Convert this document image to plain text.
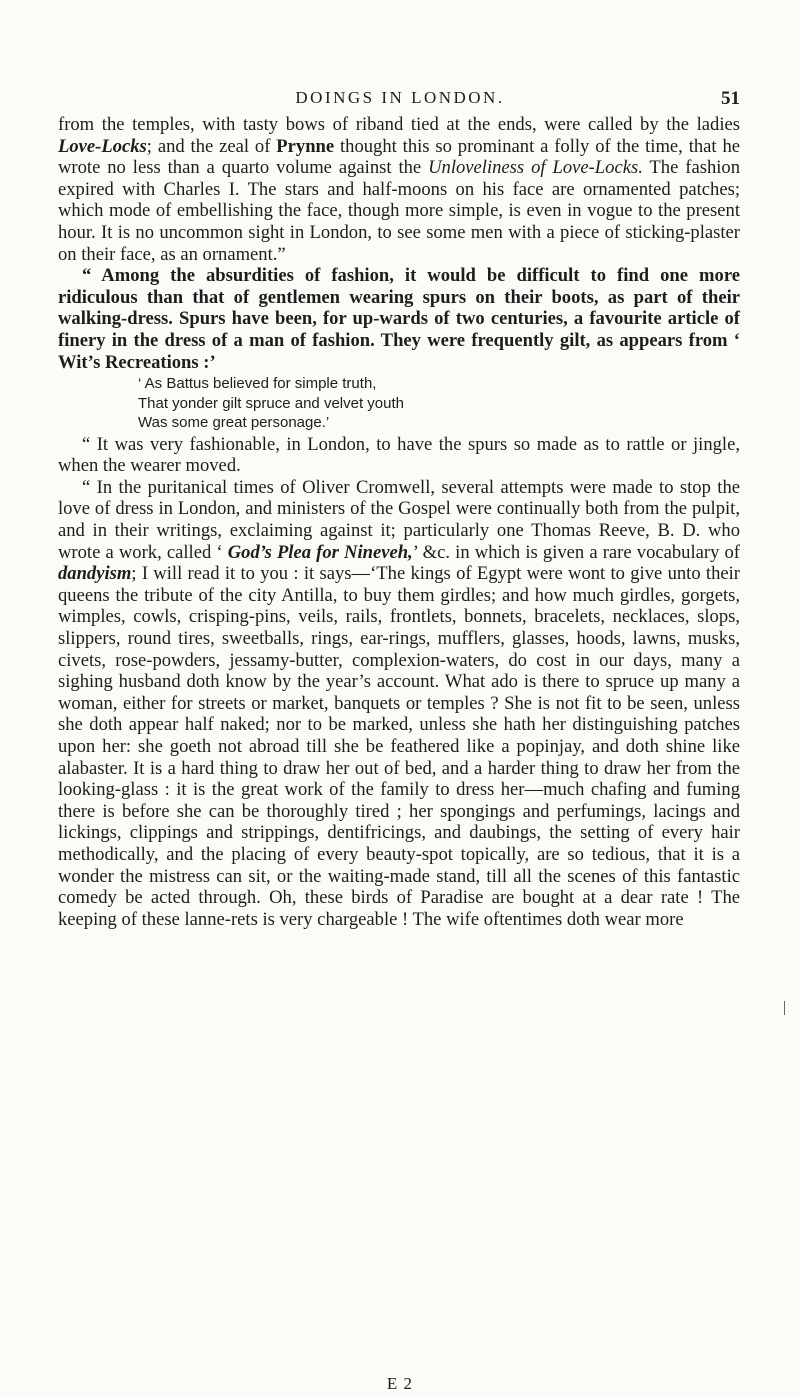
DOINGS IN LONDON.	51

from the temples, with tasty bows of riband tied at the ends, were called by the ladies Love-Locks; and the zeal of Prynne thought this so prominant a folly of the time, that he wrote no less than a quarto volume against the Unloveliness of Love-Locks. The fashion expired with Charles I. The stars and half-moons on his face are ornamented patches; which mode of embellishing the face, though more simple, is even in vogue to the present hour. It is no uncommon sight in London, to see some men with a piece of sticking-plaster on their face, as an ornament.”

“ Among the absurdities of fashion, it would be difficult to find one more ridiculous than that of gentlemen wearing spurs on their boots, as part of their walking-dress. Spurs have been, for up-wards of two centuries, a favourite article of finery in the dress of a man of fashion. They were frequently gilt, as appears from ‘ Wit’s Recreations :’

‘ As Battus believed for simple truth,
That yonder gilt spruce and velvet youth
Was some great personage.’

“ It was very fashionable, in London, to have the spurs so made as to rattle or jingle, when the wearer moved.

“ In the puritanical times of Oliver Cromwell, several attempts were made to stop the love of dress in London, and ministers of the Gospel were continually both from the pulpit, and in their writings, exclaiming against it; particularly one Thomas Reeve, B. D. who wrote a work, called ‘ God’s Plea for Nineveh,’ &c. in which is given a rare vocabulary of dandyism; I will read it to you : it says—‘The kings of Egypt were wont to give unto their queens the tribute of the city Antilla, to buy them girdles; and how much girdles, gorgets, wimples, cowls, crisping-pins, veils, rails, frontlets, bonnets, bracelets, necklaces, slops, slippers, round tires, sweetballs, rings, ear-rings, mufflers, glasses, hoods, lawns, musks, civets, rose-powders, jessamy-butter, complexion-waters, do cost in our days, many a sighing husband doth know by the year’s account. What ado is there to spruce up many a woman, either for streets or market, banquets or temples ? She is not fit to be seen, unless she doth appear half naked; nor to be marked, unless she hath her distinguishing patches upon her: she goeth not abroad till she be feathered like a popinjay, and doth shine like alabaster. It is a hard thing to draw her out of bed, and a harder thing to draw her from the looking-glass : it is the great work of the family to dress her—much chafing and fuming there is before she can be thoroughly tired ; her spongings and perfumings, lacings and lickings, clippings and strippings, dentifricings, and daubings, the setting of every hair methodically, and the placing of every beauty-spot topically, are so tedious, that it is a wonder the mistress can sit, or the waiting-made stand, till all the scenes of this fantastic comedy be acted through. Oh, these birds of Paradise are bought at a dear rate ! The keeping of these lanne-rets is very chargeable ! The wife oftentimes doth wear more

E 2
